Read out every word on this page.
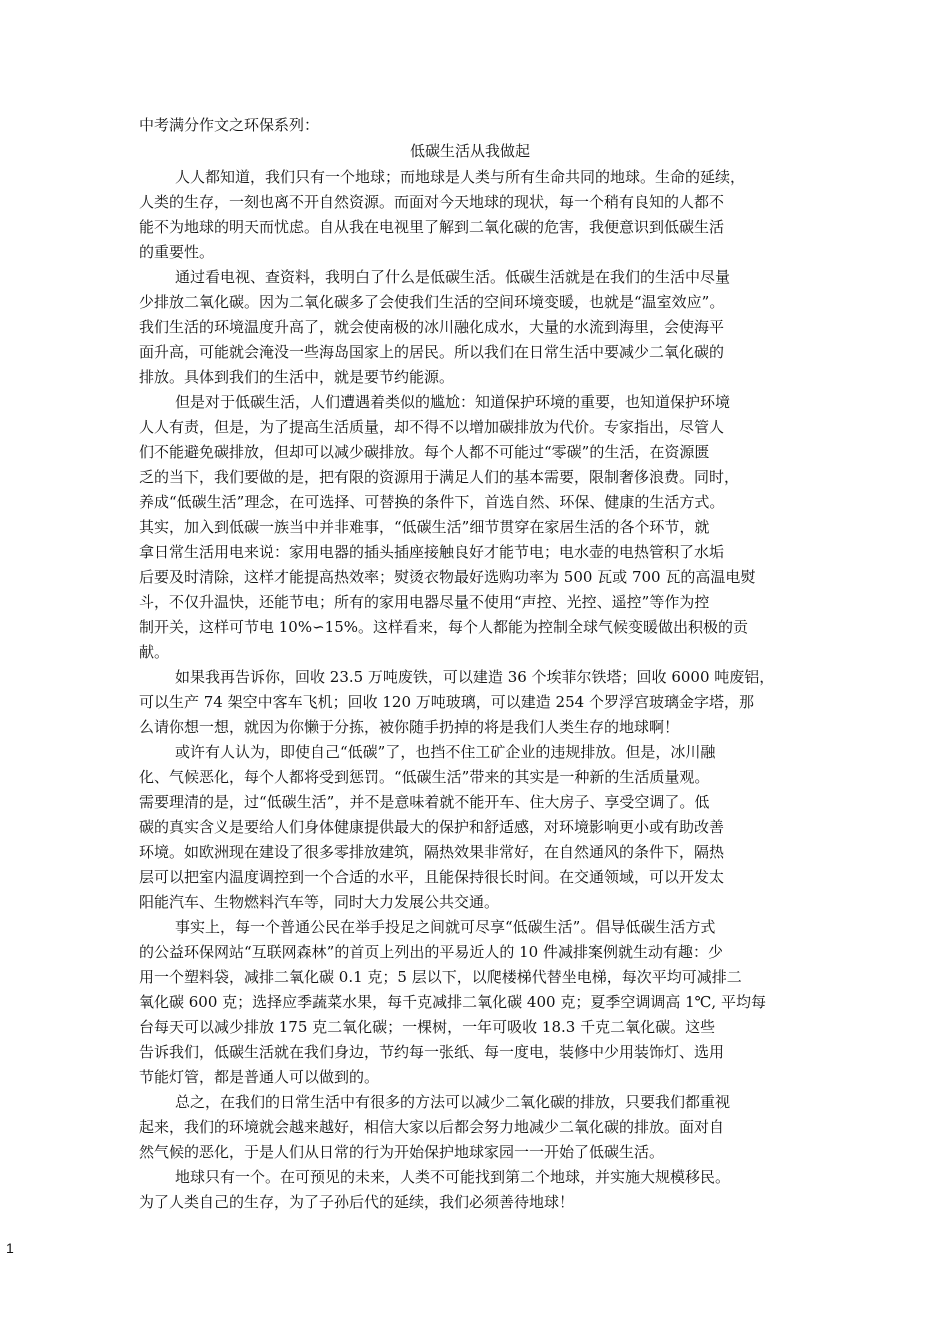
中考满分作文之环保系列：
低碳生活从我做起
人人都知道，我们只有一个地球；而地球是人类与所有生命共同的地球。生命的延续，
人类的生存，一刻也离不开自然资源。而面对今天地球的现状，每一个稍有良知的人都不
能不为地球的明天而忧虑。自从我在电视里了解到二氧化碳的危害，我便意识到低碳生活
的重要性。
通过看电视、查资料，我明白了什么是低碳生活。低碳生活就是在我们的生活中尽量
少排放二氧化碳。因为二氧化碳多了会使我们生活的空间环境变暖，也就是“温室效应”。
我们生活的环境温度升高了，就会使南极的冰川融化成水，大量的水流到海里，会使海平
面升高，可能就会淹没一些海岛国家上的居民。所以我们在日常生活中要减少二氧化碳的
排放。具体到我们的生活中，就是要节约能源。
但是对于低碳生活，人们遭遇着类似的尴尬：知道保护环境的重要，也知道保护环境
人人有责，但是，为了提高生活质量，却不得不以增加碳排放为代价。专家指出，尽管人
们不能避免碳排放，但却可以减少碳排放。每个人都不可能过“零碳”的生活，在资源匮
乏的当下，我们要做的是，把有限的资源用于满足人们的基本需要，限制奢侈浪费。同时，
养成“低碳生活”理念，在可选择、可替换的条件下，首选自然、环保、健康的生活方式。
其实，加入到低碳一族当中并非难事，“低碳生活”细节贯穿在家居生活的各个环节，就
拿日常生活用电来说：家用电器的插头插座接触良好才能节电；电水壶的电热管积了水垢
后要及时清除，这样才能提高热效率；熨烫衣物最好选购功率为 500 瓦或 700 瓦的高温电熨
斗，不仅升温快，还能节电；所有的家用电器尽量不使用“声控、光控、遥控”等作为控
制开关，这样可节电 10%∽15%。这样看来，每个人都能为控制全球气候变暖做出积极的贡
献。
如果我再告诉你，回收 23.5 万吨废铁，可以建造 36 个埃菲尔铁塔；回收 6000 吨废铝，
可以生产 74 架空中客车飞机；回收 120 万吨玻璃，可以建造 254 个罗浮宫玻璃金字塔，那
么请你想一想，就因为你懒于分拣，被你随手扔掉的将是我们人类生存的地球啊！
或许有人认为，即使自己“低碳”了，也挡不住工矿企业的违规排放。但是，冰川融
化、气候恶化，每个人都将受到惩罚。“低碳生活”带来的其实是一种新的生活质量观。
需要理清的是，过“低碳生活”，并不是意味着就不能开车、住大房子、享受空调了。低
碳的真实含义是要给人们身体健康提供最大的保护和舒适感，对环境影响更小或有助改善
环境。如欧洲现在建设了很多零排放建筑，隔热效果非常好，在自然通风的条件下，隔热
层可以把室内温度调控到一个合适的水平，且能保持很长时间。在交通领域，可以开发太
阳能汽车、生物燃料汽车等，同时大力发展公共交通。
事实上，每一个普通公民在举手投足之间就可尽享“低碳生活”。倡导低碳生活方式
的公益环保网站“互联网森林”的首页上列出的平易近人的 10 件减排案例就生动有趣：少
用一个塑料袋，减排二氧化碳 0.1 克；5 层以下，以爬楼梯代替坐电梯，每次平均可减排二
氧化碳 600 克；选择应季蔬菜水果，每千克减排二氧化碳 400 克；夏季空调调高 1℃, 平均每
台每天可以减少排放 175 克二氧化碳；一棵树，一年可吸收 18.3 千克二氧化碳。这些
告诉我们，低碳生活就在我们身边，节约每一张纸、每一度电，装修中少用装饰灯、选用
节能灯管，都是普通人可以做到的。
总之，在我们的日常生活中有很多的方法可以减少二氧化碳的排放，只要我们都重视
起来，我们的环境就会越来越好，相信大家以后都会努力地减少二氧化碳的排放。面对自
然气候的恶化，于是人们从日常的行为开始保护地球家园一一开始了低碳生活。
地球只有一个。在可预见的未来，人类不可能找到第二个地球，并实施大规模移民。
为了人类自己的生存，为了子孙后代的延续，我们必须善待地球！
1
